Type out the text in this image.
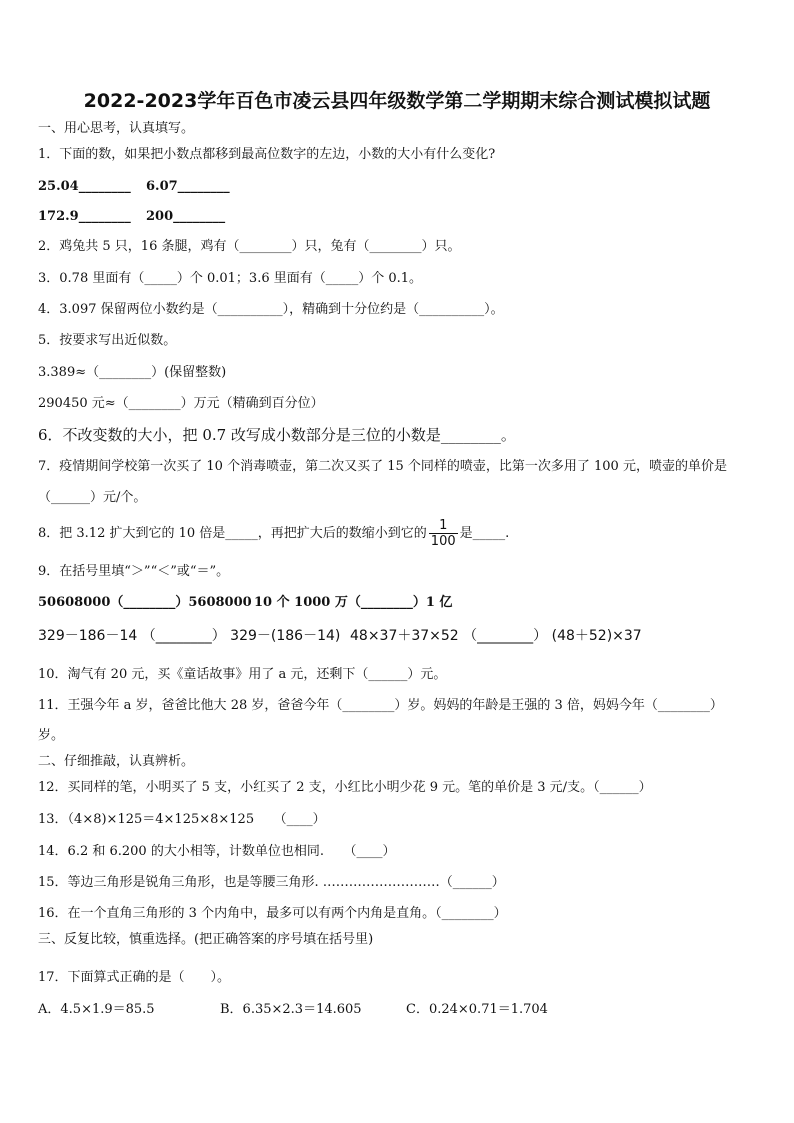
2022-2023学年百色市凌云县四年级数学第二学期期末综合测试模拟试题
一、用心思考，认真填写。
1．下面的数，如果把小数点都移到最高位数字的左边，小数的大小有什么变化?
25.04________ 6.07________
172.9________ 200________
2．鸡兔共 5 只，16 条腿，鸡有（________）只，兔有（________）只。
3．0.78 里面有（_____）个 0.01；3.6 里面有（_____）个 0.1。
4．3.097 保留两位小数约是（__________），精确到十分位约是（__________）。
5．按要求写出近似数。
3.389≈（________）(保留整数)
290450 元≈（________）万元（精确到百分位）
6．不改变数的大小，把 0.7 改写成小数部分是三位的小数是________。
7．疫情期间学校第一次买了 10 个消毒喷壶，第二次又买了 15 个同样的喷壶，比第一次多用了 100 元，喷壶的单价是
（______）元/个。
8．把 3.12 扩大到它的 10 倍是_____，再把扩大后的数缩小到它的 $\frac{1}{100}$ 是_____.
9．在括号里填“＞”“＜”或“＝”。
50608000（________）5608000 10 个 1000 万（________）1 亿
329－186－14 （________） 329－(186－14) 48×37＋37×52 （________） (48＋52)×37
10．淘气有 20 元，买《童话故事》用了 a 元，还剩下（______）元。
11．王强今年 a 岁，爸爸比他大 28 岁，爸爸今年（________）岁。妈妈的年龄是王强的 3 倍，妈妈今年（________）
岁。
二、仔细推敲，认真辨析。
12．买同样的笔，小明买了 5 支，小红买了 2 支，小红比小明少花 9 元。笔的单价是 3 元/支。（______）
13．（4×8)×125＝4×125×8×125　　（____）
14．6.2 和 6.200 的大小相等，计数单位也相同.　　（____）
15．等边三角形是锐角三角形，也是等腰三角形. ………………………（______）
16．在一个直角三角形的 3 个内角中，最多可以有两个内角是直角。（________）
三、反复比较，慎重选择。(把正确答案的序号填在括号里)
17．下面算式正确的是（　　）。
A．4.5×1.9＝85.5	B．6.35×2.3＝14.605	C．0.24×0.71＝1.704
